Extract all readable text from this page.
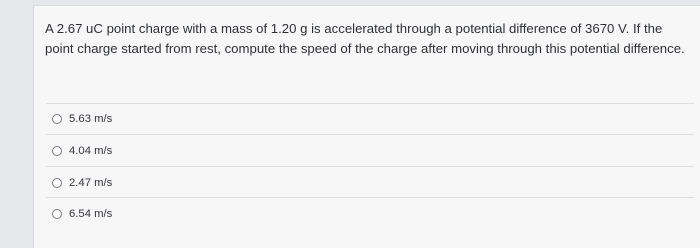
A 2.67 uC point charge with a mass of 1.20 g is accelerated through a potential difference of 3670 V. If the point charge started from rest, compute the speed of the charge after moving through this potential difference.

5.63 m/s
4.04 m/s
2.47 m/s
6.54 m/s
